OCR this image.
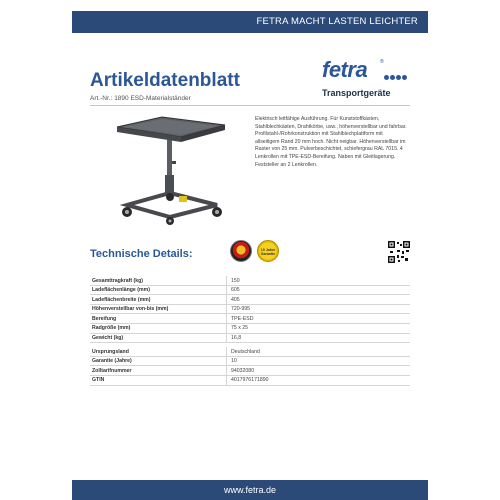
FETRA MACHT LASTEN LEICHTER
Artikeldatenblatt
Art.-Nr.: 1890 ESD-Materialständer
fetra	®
Transportgeräte
Elektrisch leitfähige Ausführung. Für Kunststoffkästen, Stahlblechkästen, Drahtkörbe, usw., höhenverstellbar und fahrbar. Profilstahl-/Rohrkonstruktion mit Stahlblechplattform mit allseitigem Rand 20 mm hoch. Nicht neigbar. Höhenverstellbar im Raster von 25 mm. Pulverbeschichtet, schiefergrau RAL 7015. 4 Lenkrollen mit TPE-ESD-Bereifung. Naben mit Gleitlagerung. Feststeller an 2 Lenkrollen.
Technische Details:	10 Jahre Garantie
Gesamttragkraft (kg)	150
Ladeflächenlänge (mm)	605
Ladeflächenbreite (mm)	405
Höhenverstellbar von-bis (mm)	720-995
Bereifung	TPE-ESD
Radgröße (mm)	75 x 25
Gewicht (kg)	16,8
Ursprungsland	Deutschland
Garantie (Jahre)	10
Zolltarifnummer	94032080
GTIN	4017976171890
www.fetra.de
